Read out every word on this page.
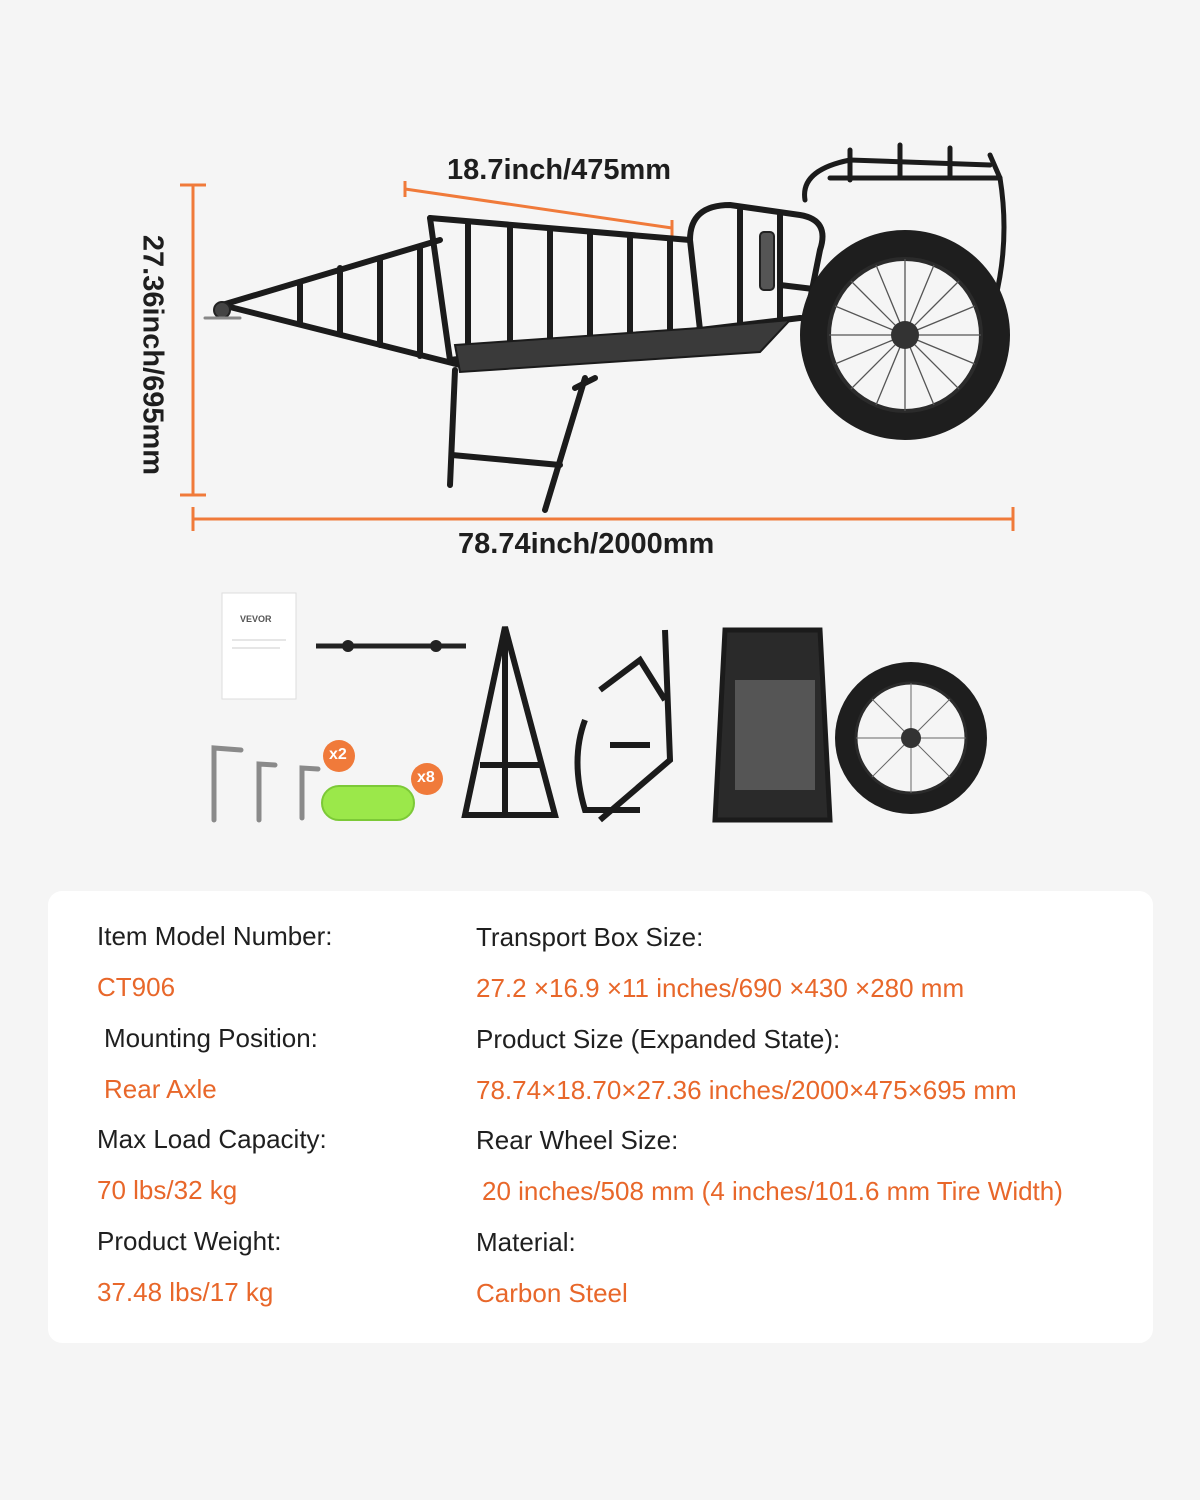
18.7inch/475mm
27.36inch/695mm
78.74inch/2000mm
VEVOR
x2
x8
Item Model Number:
CT906
Mounting Position:
Rear Axle
Max Load Capacity:
70 lbs/32 kg
Product Weight:
37.48 lbs/17 kg
Transport Box Size:
27.2 ×16.9 ×11 inches/690 ×430 ×280 mm
Product Size (Expanded State):
78.74×18.70×27.36 inches/2000×475×695 mm
Rear Wheel Size:
20 inches/508 mm (4 inches/101.6 mm Tire Width)
Material:
Carbon Steel
